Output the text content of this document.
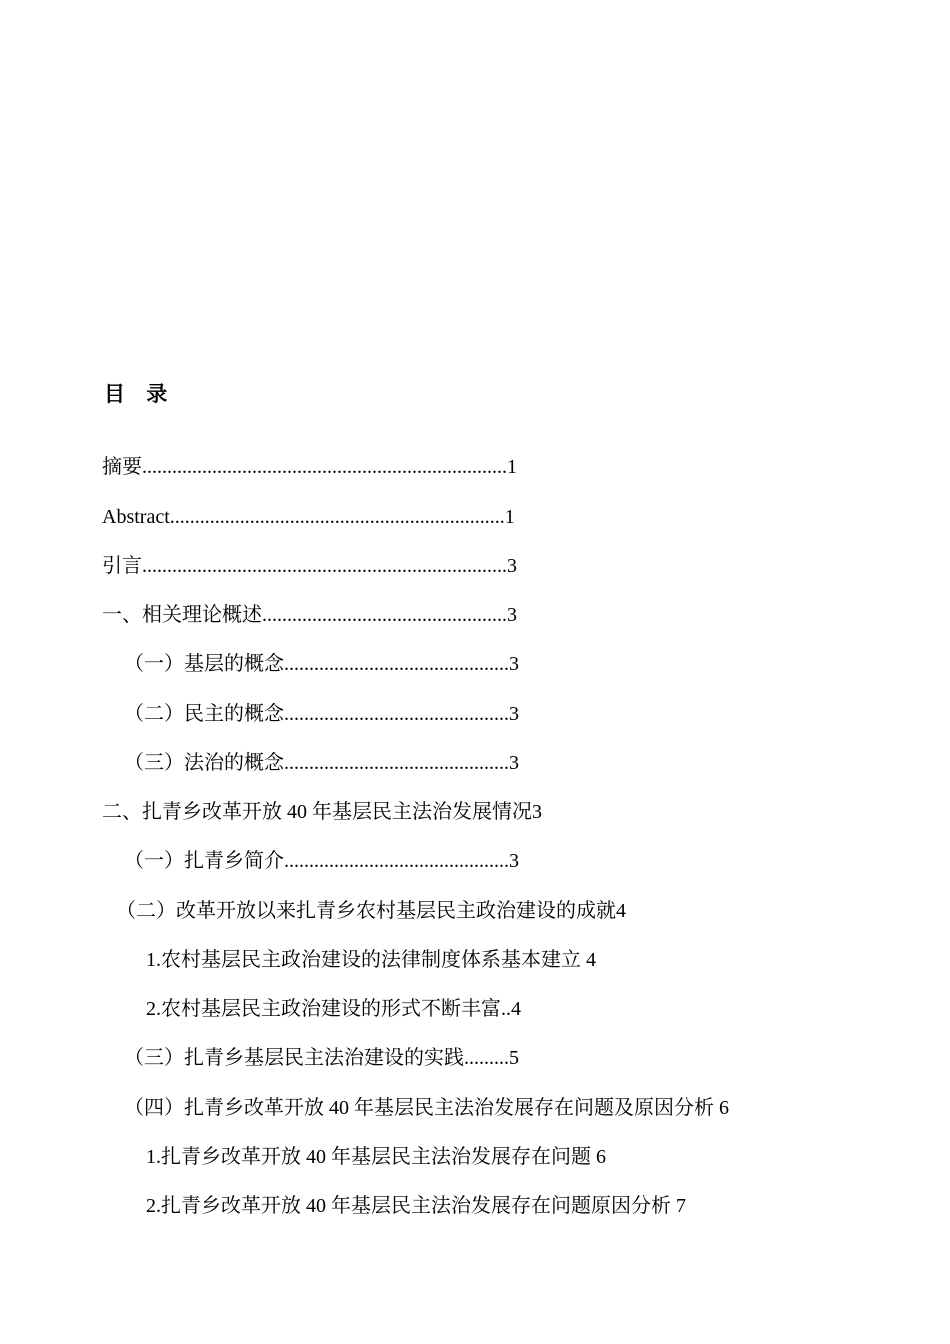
目 录
摘要.........................................................................1
Abstract...................................................................1
引言.........................................................................3
一、相关理论概述.................................................3
（一）基层的概念.............................................3
（二）民主的概念.............................................3
（三）法治的概念.............................................3
二、扎青乡改革开放 40 年基层民主法治发展情况3
（一）扎青乡简介.............................................3
（二）改革开放以来扎青乡农村基层民主政治建设的成就4
1.农村基层民主政治建设的法律制度体系基本建立 4
2.农村基层民主政治建设的形式不断丰富..4
（三）扎青乡基层民主法治建设的实践.........5
（四）扎青乡改革开放 40 年基层民主法治发展存在问题及原因分析 6
1.扎青乡改革开放 40 年基层民主法治发展存在问题 6
2.扎青乡改革开放 40 年基层民主法治发展存在问题原因分析 7
